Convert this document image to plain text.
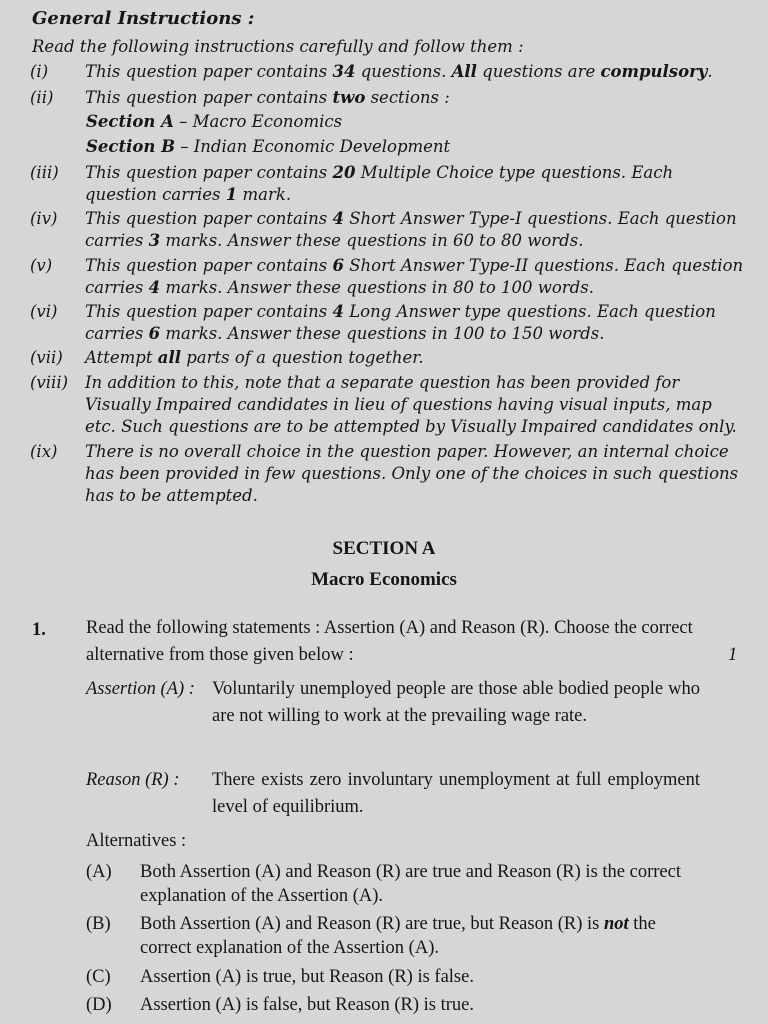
General Instructions :
Read the following instructions carefully and follow them :
(i) This question paper contains 34 questions. All questions are compulsory.
(ii) This question paper contains two sections :
Section A – Macro Economics
Section B – Indian Economic Development
(iii) This question paper contains 20 Multiple Choice type questions. Each question carries 1 mark.
(iv) This question paper contains 4 Short Answer Type-I questions. Each question carries 3 marks. Answer these questions in 60 to 80 words.
(v) This question paper contains 6 Short Answer Type-II questions. Each question carries 4 marks. Answer these questions in 80 to 100 words.
(vi) This question paper contains 4 Long Answer type questions. Each question carries 6 marks. Answer these questions in 100 to 150 words.
(vii) Attempt all parts of a question together.
(viii) In addition to this, note that a separate question has been provided for Visually Impaired candidates in lieu of questions having visual inputs, map etc. Such questions are to be attempted by Visually Impaired candidates only.
(ix) There is no overall choice in the question paper. However, an internal choice has been provided in few questions. Only one of the choices in such questions has to be attempted.
SECTION A
Macro Economics
1. Read the following statements : Assertion (A) and Reason (R). Choose the correct alternative from those given below :	1
Assertion (A) : Voluntarily unemployed people are those able bodied people who are not willing to work at the prevailing wage rate.
Reason (R) : There exists zero involuntary unemployment at full employment level of equilibrium.
Alternatives :
(A) Both Assertion (A) and Reason (R) are true and Reason (R) is the correct explanation of the Assertion (A).
(B) Both Assertion (A) and Reason (R) are true, but Reason (R) is not the correct explanation of the Assertion (A).
(C) Assertion (A) is true, but Reason (R) is false.
(D) Assertion (A) is false, but Reason (R) is true.
